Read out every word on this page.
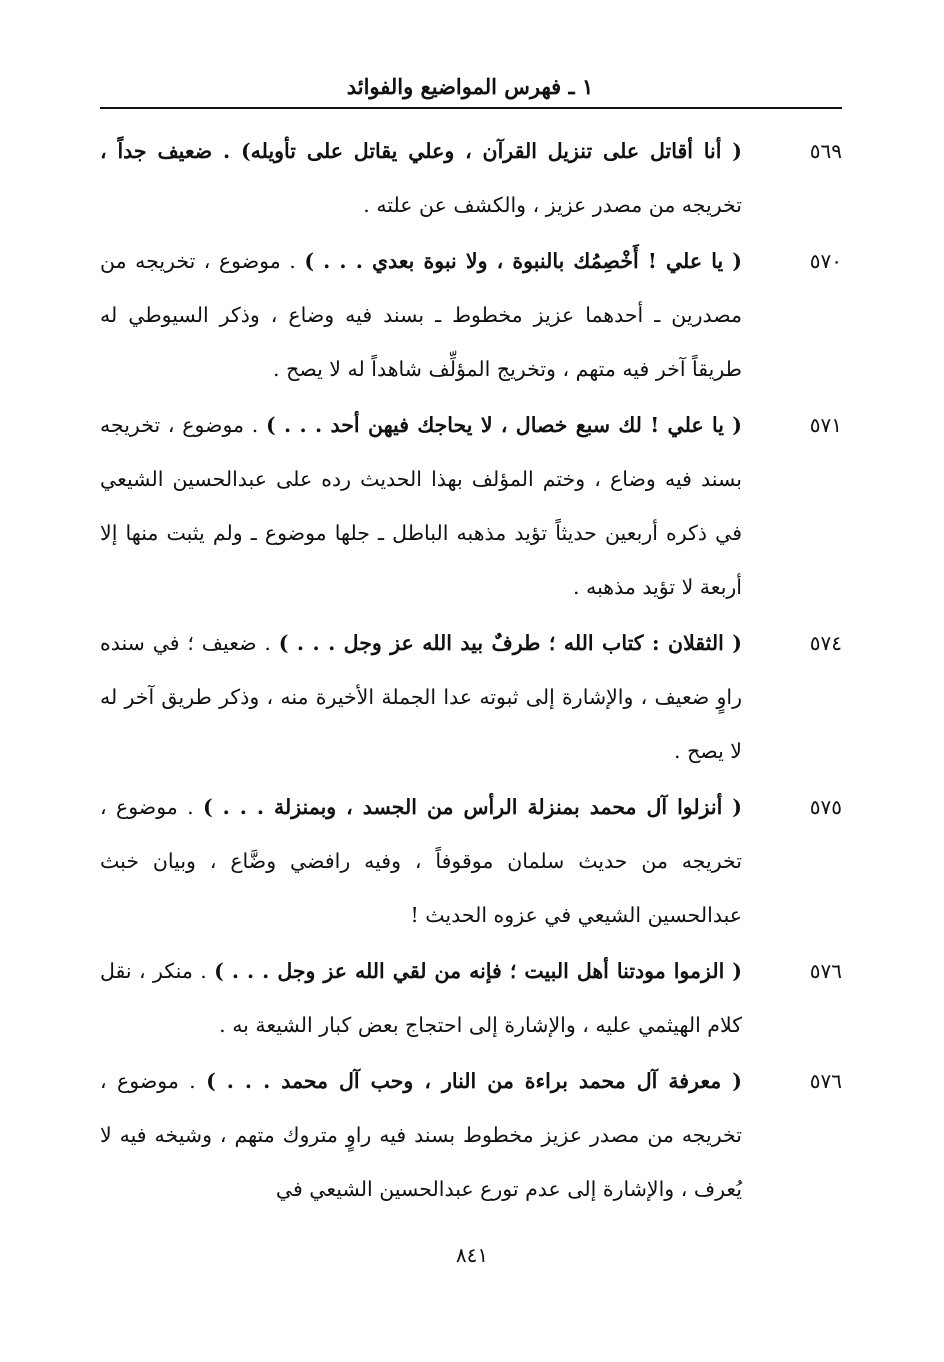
١ ـ فهرس المواضيع والفوائد
٥٦٩
( أنا أقاتل على تنزيل القرآن ، وعلي يقاتل على تأويله) . ضعيف جداً ، تخريجه من مصدر عزيز ، والكشف عن علته .
٥٧٠
( يا علي ! أَخْصِمُك بالنبوة ، ولا نبوة بعدي . . . ) . موضوع ، تخريجه من مصدرين ـ أحدهما عزيز مخطوط ـ بسند فيه وضاع ، وذكر السيوطي له طريقاً آخر فيه متهم ، وتخريج المؤلِّف شاهداً له لا يصح .
٥٧١
( يا علي ! لك سبع خصال ، لا يحاجك فيهن أحد . . . ) . موضوع ، تخريجه بسند فيه وضاع ، وختم المؤلف بهذا الحديث رده على عبدالحسين الشيعي في ذكره أربعين حديثاً تؤيد مذهبه الباطل ـ جلها موضوع ـ ولم يثبت منها إلا أربعة لا تؤيد مذهبه .
٥٧٤
( الثقلان : كتاب الله ؛ طرفٌ بيد الله عز وجل . . . ) . ضعيف ؛ في سنده راوٍ ضعيف ، والإشارة إلى ثبوته عدا الجملة الأخيرة منه ، وذكر طريق آخر له لا يصح .
٥٧٥
( أنزلوا آل محمد بمنزلة الرأس من الجسد ، وبمنزلة . . . ) . موضوع ، تخريجه من حديث سلمان موقوفاً ، وفيه رافضي وضَّاع ، وبيان خبث عبدالحسين الشيعي في عزوه الحديث !
٥٧٦
( الزموا مودتنا أهل البيت ؛ فإنه من لقي الله عز وجل . . . ) . منكر ، نقل كلام الهيثمي عليه ، والإشارة إلى احتجاج بعض كبار الشيعة به .
٥٧٦
( معرفة آل محمد براءة من النار ، وحب آل محمد . . . ) . موضوع ، تخريجه من مصدر عزيز مخطوط بسند فيه راوٍ متروك متهم ، وشيخه فيه لا يُعرف ، والإشارة إلى عدم تورع عبدالحسين الشيعي في
٨٤١
